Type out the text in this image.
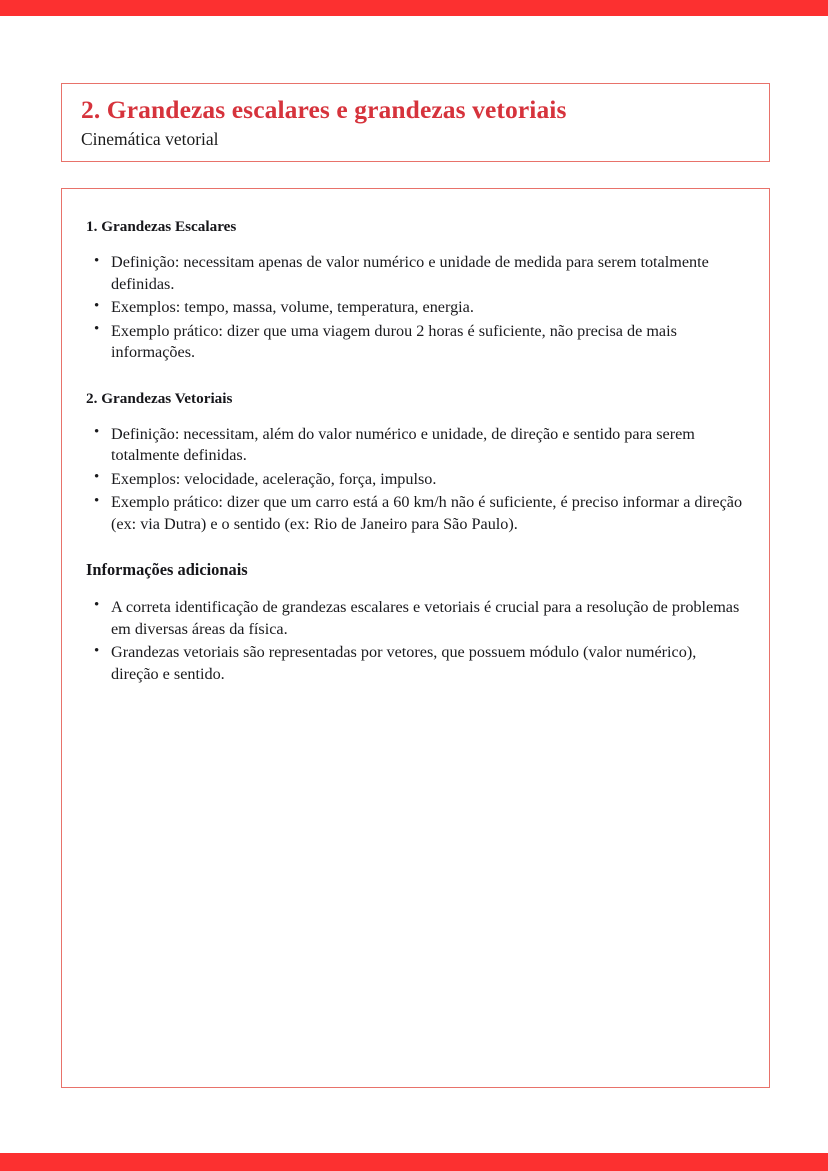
2. Grandezas escalares e grandezas vetoriais
Cinemática vetorial
1. Grandezas Escalares
• Definição: necessitam apenas de valor numérico e unidade de medida para serem totalmente definidas.
• Exemplos: tempo, massa, volume, temperatura, energia.
• Exemplo prático: dizer que uma viagem durou 2 horas é suficiente, não precisa de mais informações.
2. Grandezas Vetoriais
• Definição: necessitam, além do valor numérico e unidade, de direção e sentido para serem totalmente definidas.
• Exemplos: velocidade, aceleração, força, impulso.
• Exemplo prático: dizer que um carro está a 60 km/h não é suficiente, é preciso informar a direção (ex: via Dutra) e o sentido (ex: Rio de Janeiro para São Paulo).
Informações adicionais
• A correta identificação de grandezas escalares e vetoriais é crucial para a resolução de problemas em diversas áreas da física.
• Grandezas vetoriais são representadas por vetores, que possuem módulo (valor numérico), direção e sentido.
